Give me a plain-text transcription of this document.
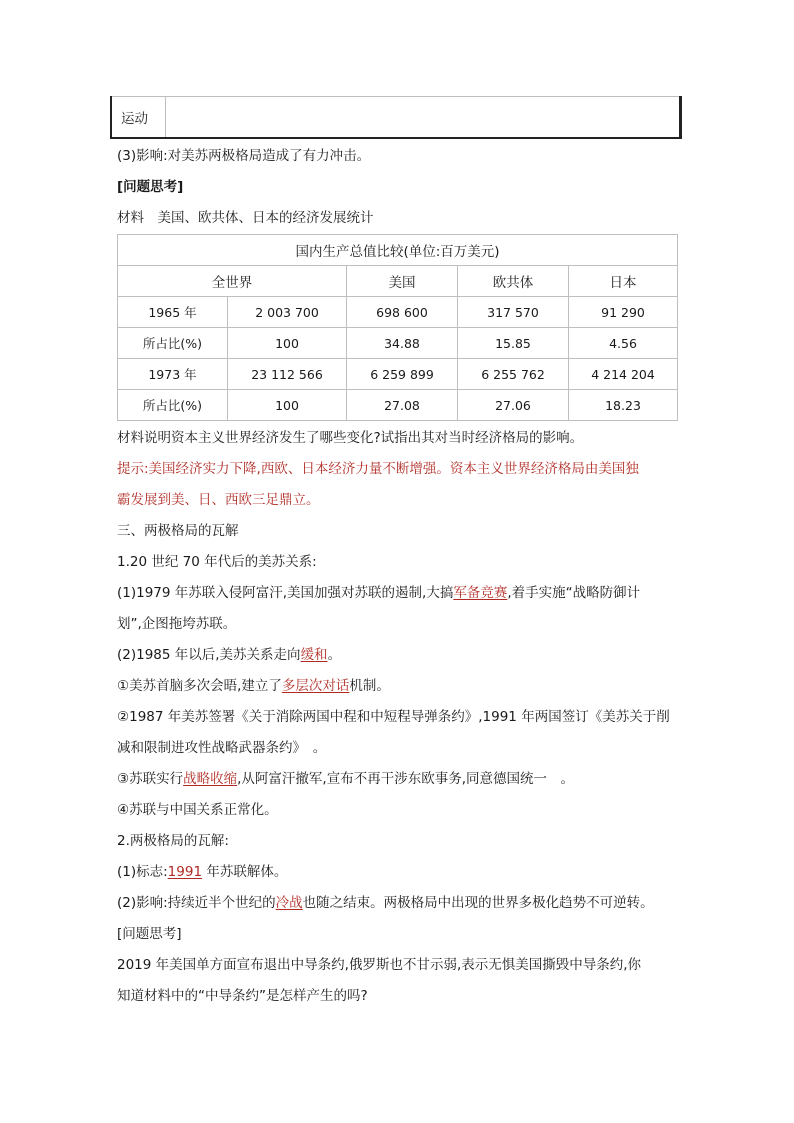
运动	
(3)影响:对美苏两极格局造成了有力冲击。
[问题思考]
材料　美国、欧共体、日本的经济发展统计
国内生产总值比较(单位:百万美元)				
全世界		美国	欧共体	日本
1965 年	2 003 700	698 600	317 570	91 290
所占比(%)	100	34.88	15.85	4.56
1973 年	23 112 566	6 259 899	6 255 762	4 214 204
所占比(%)	100	27.08	27.06	18.23
材料说明资本主义世界经济发生了哪些变化?试指出其对当时经济格局的影响。
提示:美国经济实力下降,西欧、日本经济力量不断增强。资本主义世界经济格局由美国独
霸发展到美、日、西欧三足鼎立。
三、两极格局的瓦解
1.20 世纪 70 年代后的美苏关系:
(1)1979 年苏联入侵阿富汗,美国加强对苏联的遏制,大搞军备竞赛,着手实施“战略防御计
划”,企图拖垮苏联。
(2)1985 年以后,美苏关系走向缓和。
①美苏首脑多次会晤,建立了多层次对话机制。
②1987 年美苏签署《关于消除两国中程和中短程导弹条约》,1991 年两国签订《美苏关于削
减和限制进攻性战略武器条约》　。
③苏联实行战略收缩,从阿富汗撤军,宣布不再干涉东欧事务,同意德国统一　。
④苏联与中国关系正常化。
2.两极格局的瓦解:
(1)标志:1991 年苏联解体。
(2)影响:持续近半个世纪的冷战也随之结束。两极格局中出现的世界多极化趋势不可逆转。
[问题思考]
2019 年美国单方面宣布退出中导条约,俄罗斯也不甘示弱,表示无惧美国撕毁中导条约,你
知道材料中的“中导条约”是怎样产生的吗?
